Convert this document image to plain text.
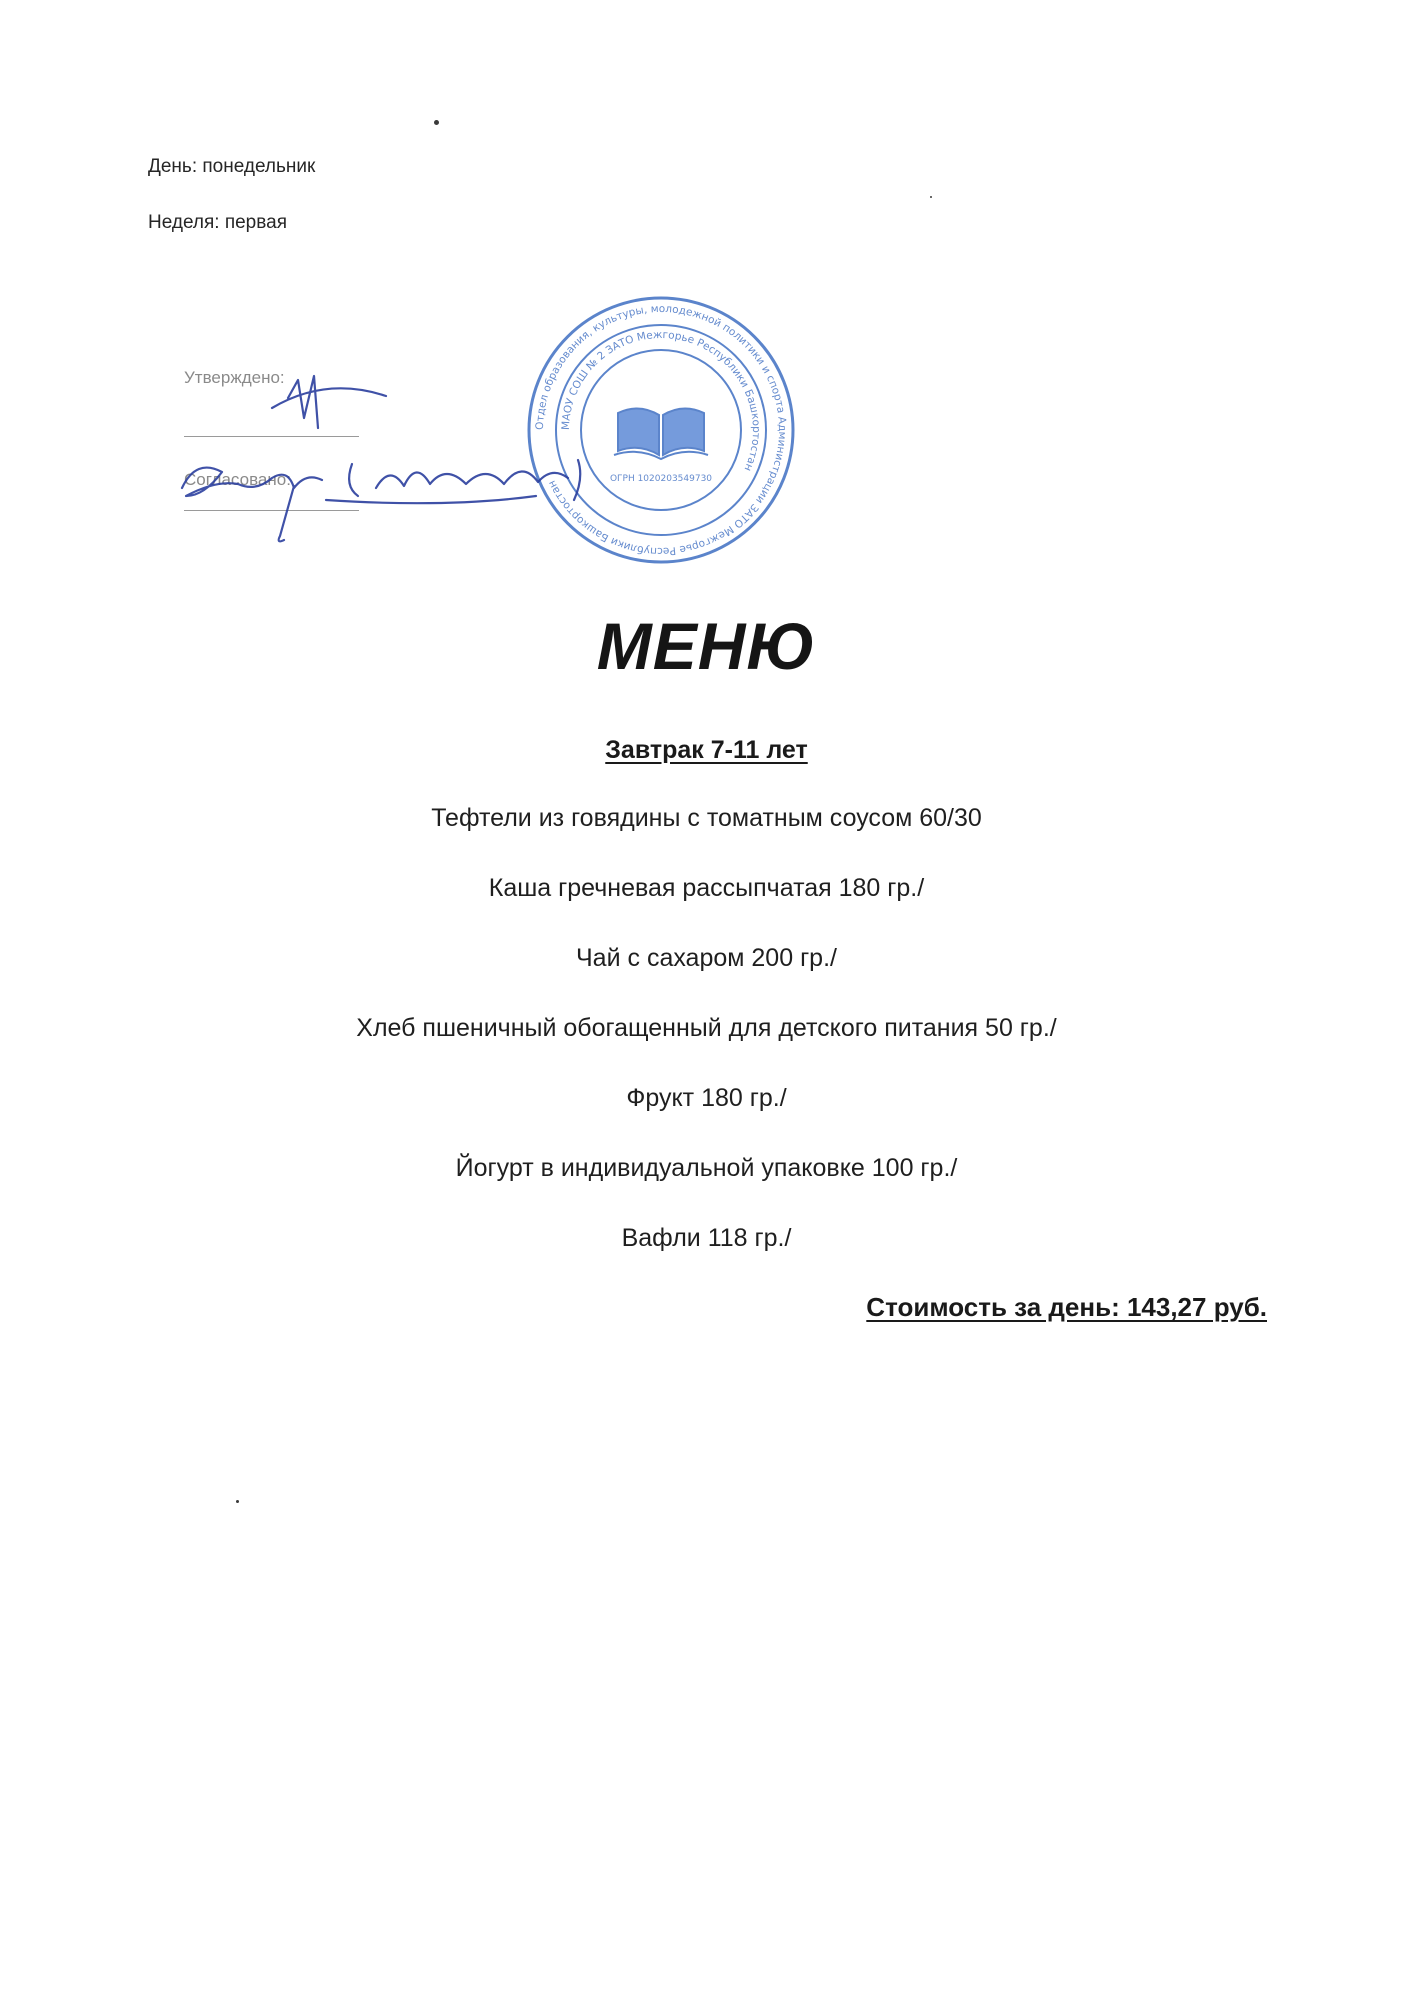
День: понедельник
Неделя: первая
Утверждено:
Согласовано:
Отдел образования, культуры, молодежной политики и спорта Администрации ЗАТО Межгорье Республики Башкортостан
МАОУ СОШ № 2 ЗАТО Межгорье Республики Башкортостан
ОГРН 1020203549730
МЕНЮ
Завтрак 7-11 лет
Тефтели из говядины с томатным соусом 60/30
Каша гречневая рассыпчатая 180 гр./
Чай с сахаром 200 гр./
Хлеб пшеничный обогащенный для детского питания 50 гр./
Фрукт 180 гр./
Йогурт в индивидуальной упаковке 100 гр./
Вафли 118 гр./
Стоимость за день: 143,27 руб.
